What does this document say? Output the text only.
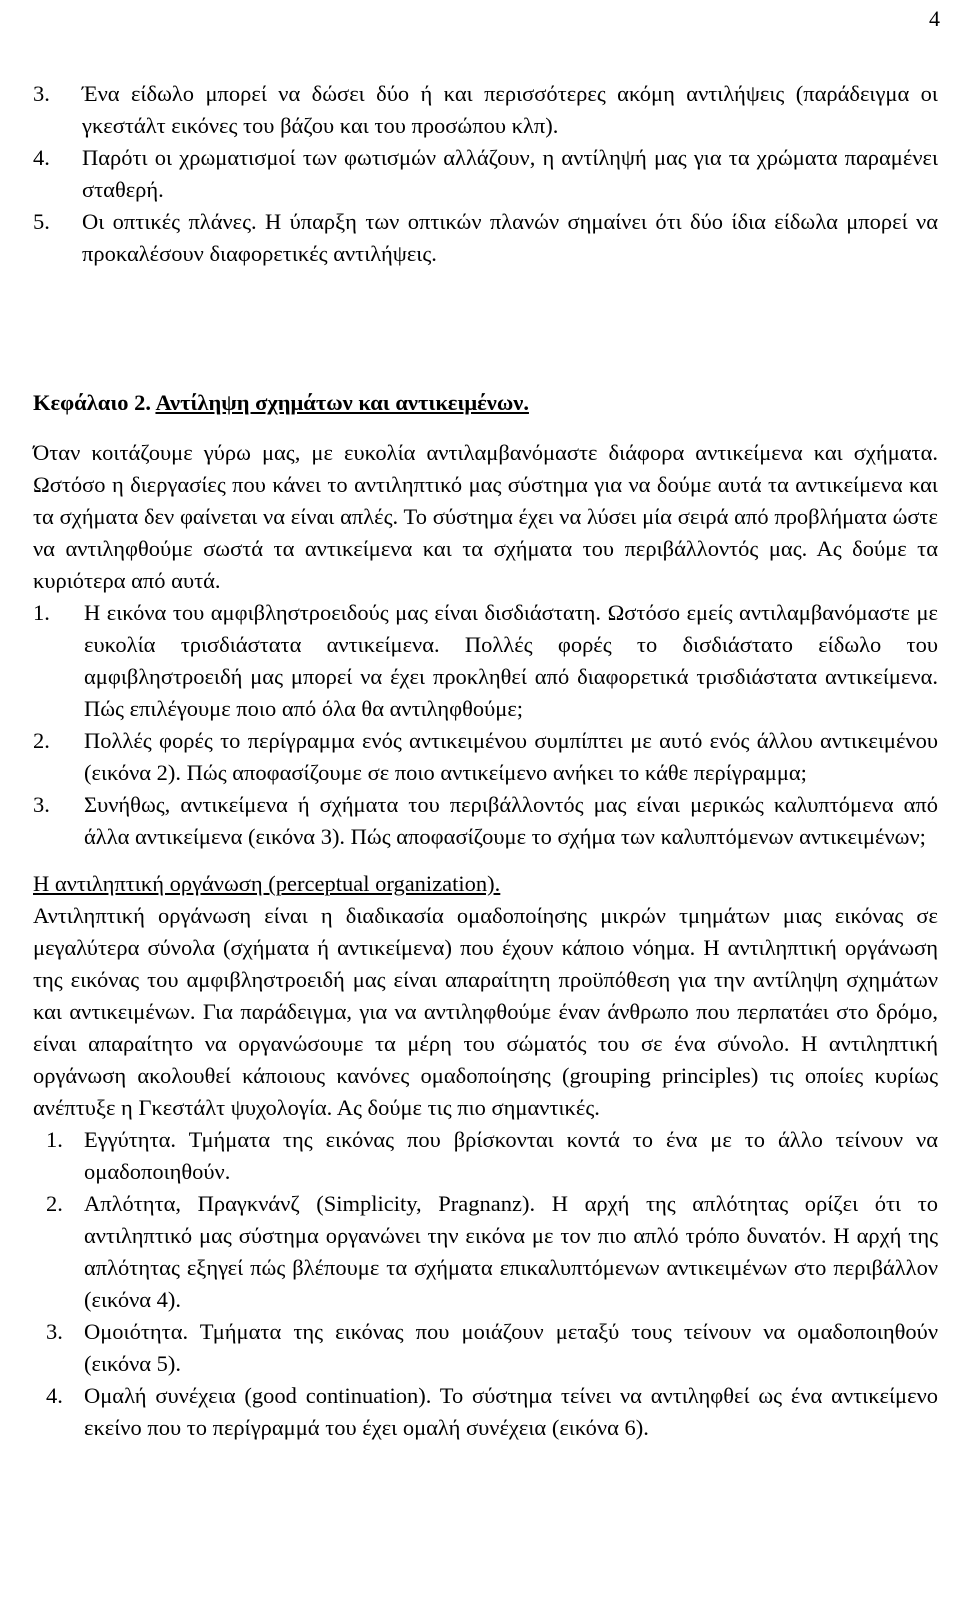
4
3.	Ένα είδωλο μπορεί να δώσει δύο ή και περισσότερες ακόμη αντιλήψεις (παράδειγμα οι γκεστάλτ εικόνες του βάζου και του προσώπου κλπ).
4.	Παρότι οι χρωματισμοί των φωτισμών αλλάζουν, η αντίληψή μας για τα χρώματα παραμένει σταθερή.
5.	Οι οπτικές πλάνες. Η ύπαρξη των οπτικών πλανών σημαίνει ότι δύο ίδια είδωλα μπορεί να προκαλέσουν διαφορετικές αντιλήψεις.
Κεφάλαιο 2. Αντίληψη σχημάτων και αντικειμένων.
Όταν κοιτάζουμε γύρω μας, με ευκολία αντιλαμβανόμαστε διάφορα αντικείμενα και σχήματα. Ωστόσο η διεργασίες που κάνει το αντιληπτικό μας σύστημα για να δούμε αυτά τα αντικείμενα και τα σχήματα δεν φαίνεται να είναι απλές. Το σύστημα έχει να λύσει μία σειρά από προβλήματα ώστε να αντιληφθούμε σωστά τα αντικείμενα και τα σχήματα του περιβάλλοντός μας. Ας δούμε τα κυριότερα από αυτά.
1.	Η εικόνα του αμφιβληστροειδούς μας είναι δισδιάστατη. Ωστόσο εμείς αντιλαμβανόμαστε με ευκολία τρισδιάστατα αντικείμενα. Πολλές φορές το δισδιάστατο είδωλο του αμφιβληστροειδή μας μπορεί να έχει προκληθεί από διαφορετικά τρισδιάστατα αντικείμενα. Πώς επιλέγουμε ποιο από όλα θα αντιληφθούμε;
2.	Πολλές φορές το περίγραμμα ενός αντικειμένου συμπίπτει με αυτό ενός άλλου αντικειμένου (εικόνα 2). Πώς αποφασίζουμε σε ποιο αντικείμενο ανήκει το κάθε περίγραμμα;
3.	Συνήθως, αντικείμενα ή σχήματα του περιβάλλοντός μας είναι μερικώς καλυπτόμενα από άλλα αντικείμενα (εικόνα 3). Πώς αποφασίζουμε το σχήμα των καλυπτόμενων αντικειμένων;
Η αντιληπτική οργάνωση (perceptual organization).
Αντιληπτική οργάνωση είναι η διαδικασία ομαδοποίησης μικρών τμημάτων μιας εικόνας σε μεγαλύτερα σύνολα (σχήματα ή αντικείμενα) που έχουν κάποιο νόημα. Η αντιληπτική οργάνωση της εικόνας του αμφιβληστροειδή μας είναι απαραίτητη προϋπόθεση για την αντίληψη σχημάτων και αντικειμένων. Για παράδειγμα, για να αντιληφθούμε έναν άνθρωπο που περπατάει στο δρόμο, είναι απαραίτητο να οργανώσουμε τα μέρη του σώματός του σε ένα σύνολο. Η αντιληπτική οργάνωση ακολουθεί κάποιους κανόνες ομαδοποίησης (grouping principles) τις οποίες κυρίως ανέπτυξε η Γκεστάλτ ψυχολογία. Ας δούμε τις πιο σημαντικές.
1. Εγγύτητα. Τμήματα της εικόνας που βρίσκονται κοντά το ένα με το άλλο τείνουν να ομαδοποιηθούν.
2. Απλότητα, Πραγκνάνζ (Simplicity, Pragnanz). Η αρχή της απλότητας ορίζει ότι το αντιληπτικό μας σύστημα οργανώνει την εικόνα με τον πιο απλό τρόπο δυνατόν. Η αρχή της απλότητας εξηγεί πώς βλέπουμε τα σχήματα επικαλυπτόμενων αντικειμένων στο περιβάλλον (εικόνα 4).
3. Ομοιότητα. Τμήματα της εικόνας που μοιάζουν μεταξύ τους τείνουν να ομαδοποιηθούν (εικόνα 5).
4. Ομαλή συνέχεια (good continuation). Το σύστημα τείνει να αντιληφθεί ως ένα αντικείμενο εκείνο που το περίγραμμά του έχει ομαλή συνέχεια (εικόνα 6).
